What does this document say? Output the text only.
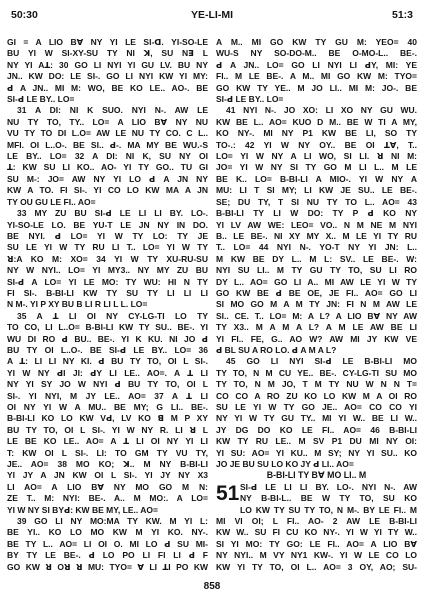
50:30	YE-LI-MI	51:3
GI = A LIO Bꓯ NY YI LE SI-ꓷ. YI-SO-LE
BU YI W SI-XY-SU TY NI ꓘ, SU Nꓱ L
NY YI Aꓕ: 30 GO LI NYI YI GU LV. BU NY
JN.. KW DO: LE SI-. GO LI NYI KW YI MY:
ꓒ A JN.. MI M: WO, BE KO LE.. AO-. BE
SI-ꓒ LE BY.. LO=
31 A DI: NI K SUO. NYI N-. AW LE
NU TY TO, TY.. LO= A LIO Bꓯ NY NU
VU TY TO DI L.O= AW LE NU TY CO. C L..
MFI. OI L..O-. BE SI.. ꓒ-. MA MY BE WU.-S
LE BY.. LO= 32 A DI: NI K, SU NY OI
ꓕ: KW SU LI KO.. AO- YI TY GO.. TU GI
SU M-: JO= AW NY YI LO ꓒ A JN NY
KW A TO. FI SI-. YI CO LO KW MA A JN
TY OU GU LE FI.. AO=
33 MY ZU BU SI-ꓒ LE LI LI BY. LO-.
YI-SO-LE LO. BE YU-T LE JN NY IN DO.
BE NYI. ꓒ LO= YI W TY LO: TY JE
SU LE YI W TY RU LI T.. LO= YI W TY
ꓤ:A KO M: XO= 34 YI W TY XU-RU-SU
NY W NYI.. LO= YI MY3.. NY MY ZU BU
SI-ꓒ A LO= YI LE MO: TY WU: HI N TY
FI SI-. B-BI-LI KW TY SU TY LI LI LI
N M-. YI P XY BU B LI R LI L L. LO=
35 A ꓕ LI OI NY CY-LG-TI LO TY
TO CO, LI L..O= B-BI-LI KW TY SU.. BE-. YI
WU DI RO ꓒ BU.. BE-. YI K KU. NI JO ꓒ
BU TY OI L..O-. BE SI-ꓒ LE BY.. LO= 36
A ꓕ: LI LI NY KI. ꓒ BU TY TO, OI L SI-.
YI W NY ꓒI JI: ꓒY LI LE.. AO=. A ꓕ LI
NY YI SY JO W NYI ꓒ BU TY TO, OI L
SI-. YI NYI, M JY LE.. AO= 37 A ꓕ LI
OI NY YI W A MU.. BE MY; G LI.. BE-.
B-BI-LI KO LO KW Vꓒ, LV KO ꓭ M P XY
BU TY TO, OI L SI-. YI W NY R. LI ꓤ L
LE BE KO LE.. AO= A ꓕ LI OI NY YI LI
T: KW OI L SI-. LI: TO GM TY VU TY,
JE.. AO= 38 MO KO; ꓘ.. M NY B-BI-LI
YI JY A JN KW OI L SI-. YI JY NY X3
LI AO= A LIO Bꓯ NY MO GO M N:
ZE T.. M: NYI: BE-. A.. M MO:. A LO=
YI W NY SI BYꓒ: KW BE MY, LE.. AO=
39 GO LI NY MO:MA TY KW. M YI L:
BE YI.. KO LO MO KW M YI KO. NY-.
BE TY L.. AO= LI OI O. MI LO ꓒ SU MI-
BY TY LE BE-. ꓒ LO PO LI FI LI ꓒ F
GO KW ꓤ Oꓤ ꓤ MU: TYO= ꓯ LI ꓕI PO KW
A M.. MI GO KW TY GU M: YEO= 40
WU-S NY SO-DO-M.. BE O-MO-L.. BE-.
ꓒ A JN.. LO= GO LI NYI LI ꓒY, MI: YE
FI.. M LE BE-. A M.. MI GO KW M: TYO=
GO KW TY YE.. M JO LI.. MI M: JO-. BE
SI-ꓒ LE BY.. LO=
41 NYI N-. JO XO: LI XO NY GU WU.
KW BE L.. AO= KUO D M.. BE W TI A MY,
KO NY-. MI NY P1 KW BE LI, SO TY
TO-.: 42 YI W NY OY.. BE OI ꓕꓯ, T..
LO= YI W NY A LI WO, SI LI. ꓤ NI M:
JO= YI W NY SI TY GO M LI L.. M LE
BE K.. LO= B-BI-LI A MIO-. YI W NY A
MU: LI T SI MY; LI KW JE SU.. LE BE-.
SE; DU TY, T SI NU TY TO L.. AO= 43
B-BI-LI TY LI W DO: TY P ꓒ KO NY
YI LV AW WE: LEO= VO.. N M NE M NYI
B.. LE BE-. NI XY MY X.. M LE YI TY RU
T.. LO= 44 NYI N-. YO-T NY YI JN: L..
M KW BE DY L.. M L: SV.. LE BE-. W:
NYI SU LI.. M TY GU TY TO, SU LI RO
DY L.. AO= GO LI A.. MI AW LE YI W TY
GO KW BE ꓒ BE OE, JE FI.. AO= GO LI
SI MO GO M A M TY JN: FI N M AW LE
SI.. CE. T.. LO= M: A L? A LIO Bꓯ NY AW
TY X3.. M A M A L? A M LE AW BE LI
YI FI.. FE, G.. AO W? AW MI JY KW VE
ꓒ BL SU A RO LO. ꓒ A M A L?
45 GO LI NYI SI-ꓒ LE B-BI-LI MO
TY TO, N M CU YE.. BE-. CY-LG-TI SU MO
TY TO, N M JO, T M TY NU W N N T=
CO CO A RO ZU KO LO KW M A OI RO
SU LE YI W TY GO JE.. AO= CO CO YI
NY YI W TY GU TY.. MI YI W.. BE LI W..
JY DG DO KO LE FI.. AO= 46 B-BI-LI
KW TY RU LE.. M SV P1 DU MI NY OI:
YI SU: AO= YI KU.. M SY; NY YI SU.. KO
JO JE BU SU LO KO JY ꓒ LI.. AO=
B-BI-LI TY Bꓯ MO LI.. M
51 SI-ꓒ LE LI LI BY. LO-. NYI N-. AW
NY B-BI-L.. BE W TY TO, SU KO
LO KW TY SU TY TO, N M-. BY LE FI.. M
MI VI OI; L FI.. AO- 2 AW LE B-BI-LI
KW W.. SU FI CU KO NY-. YI W YI TY W..
SI YI MO: TY GO: LE FI.. AO= A LIO Bꓯ
NY NYI.. M VY NY1 KW-. YI W LE CO LO
KW YI TY TO, OI L.. AO= 3 OY, AO; SU-
858
